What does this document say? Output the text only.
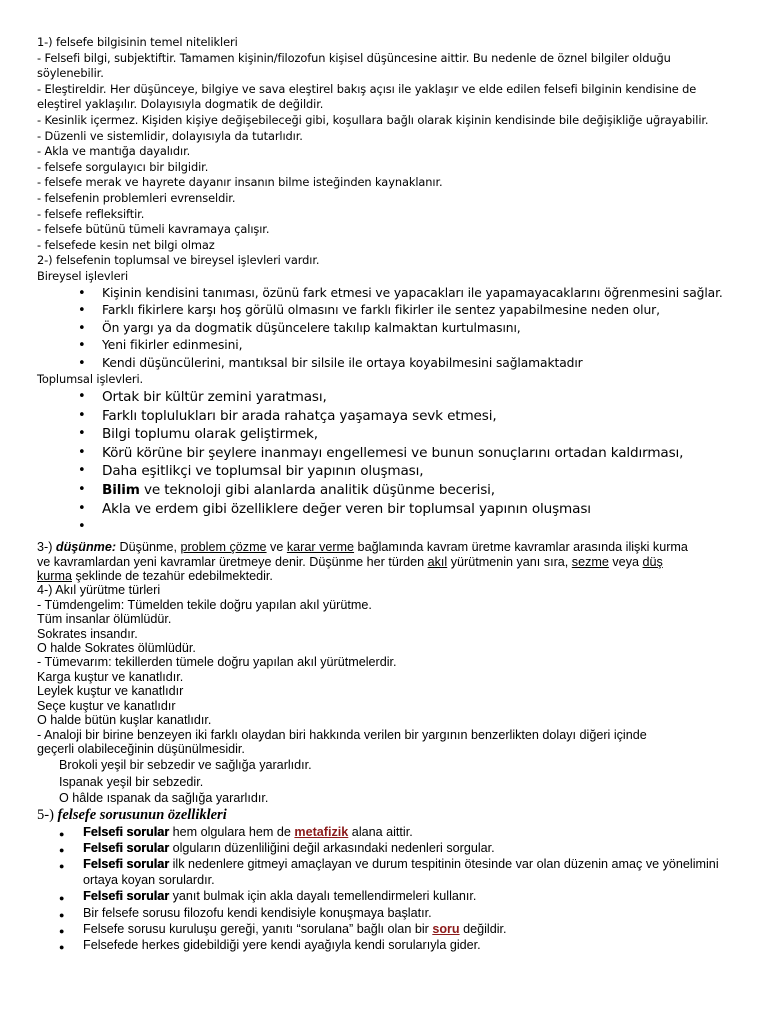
1-) felsefe bilgisinin temel nitelikleri
- Felsefi bilgi, subjektiftir. Tamamen kişinin/filozofun kişisel düşüncesine aittir. Bu nedenle de öznel bilgiler olduğu
söylenebilir.
- Eleştireldir. Her düşünceye, bilgiye ve sava eleştirel bakış açısı ile yaklaşır ve elde edilen felsefi bilginin kendisine de
eleştirel yaklaşılır. Dolayısıyla dogmatik de değildir.
- Kesinlik içermez. Kişiden kişiye değişebileceği gibi, koşullara bağlı olarak kişinin kendisinde bile değişikliğe uğrayabilir.
- Düzenli ve sistemlidir, dolayısıyla da tutarlıdır.
- Akla ve mantığa dayalıdır.
- felsefe sorgulayıcı bir bilgidir.
- felsefe merak ve hayrete dayanır insanın bilme isteğinden kaynaklanır.
- felsefenin problemleri evrenseldir.
- felsefe refleksiftir.
- felsefe bütünü tümeli kavramaya çalışır.
- felsefede kesin net bilgi olmaz
2-) felsefenin toplumsal ve bireysel işlevleri vardır.
Bireysel işlevleri
• Kişinin kendisini tanıması, özünü fark etmesi ve yapacakları ile yapamayacaklarını öğrenmesini sağlar.
• Farklı fikirlere karşı hoş görülü olmasını ve farklı fikirler ile sentez yapabilmesine neden olur,
• Ön yargı ya da dogmatik düşüncelere takılıp kalmaktan kurtulmasını,
• Yeni fikirler edinmesini,
• Kendi düşüncülerini, mantıksal bir silsile ile ortaya koyabilmesini sağlamaktadır
Toplumsal işlevleri.
• Ortak bir kültür zemini yaratması,
• Farklı toplulukları bir arada rahatça yaşamaya sevk etmesi,
• Bilgi toplumu olarak geliştirmek,
• Körü körüne bir şeylere inanmayı engellemesi ve bunun sonuçlarını ortadan kaldırması,
• Daha eşitlikçi ve toplumsal bir yapının oluşması,
• Bilim ve teknoloji gibi alanlarda analitik düşünme becerisi,
• Akla ve erdem gibi özelliklere değer veren bir toplumsal yapının oluşması
•
3-) düşünme: Düşünme, problem çözme ve karar verme bağlamında kavram üretme kavramlar arasında ilişki kurma
ve kavramlardan yeni kavramlar üretmeye denir. Düşünme her türden akıl yürütmenin yanı sıra, sezme veya düş
kurma şeklinde de tezahür edebilmektedir.
4-) Akıl yürütme türleri
- Tümdengelim: Tümelden tekile doğru yapılan akıl yürütme.
Tüm insanlar ölümlüdür.
Sokrates insandır.
O halde Sokrates ölümlüdür.
- Tümevarım: tekillerden tümele doğru yapılan akıl yürütmelerdir.
Karga kuştur ve kanatlıdır.
Leylek kuştur ve kanatlıdır
Seçe kuştur ve kanatlıdır
O halde bütün kuşlar kanatlıdır.
- Analoji bir birine benzeyen iki farklı olaydan biri hakkında verilen bir yargının benzerlikten dolayı diğeri içinde
geçerli olabileceğinin düşünülmesidir.
Brokoli yeşil bir sebzedir ve sağlığa yararlıdır.
Ispanak yeşil bir sebzedir.
O hâlde ıspanak da sağlığa yararlıdır.
5-) felsefe sorusunun özellikleri
● Felsefi sorular hem olgulara hem de metafizik alana aittir.
● Felsefi sorular olguların düzenliliğini değil arkasındaki nedenleri sorgular.
● Felsefi sorular ilk nedenlere gitmeyi amaçlayan ve durum tespitinin ötesinde var olan düzenin amaç ve yönelimini ortaya koyan sorulardır.
● Felsefi sorular yanıt bulmak için akla dayalı temellendirmeleri kullanır.
● Bir felsefe sorusu filozofu kendi kendisiyle konuşmaya başlatır.
● Felsefe sorusu kuruluşu gereği, yanıtı “sorulana” bağlı olan bir soru değildir.
● Felsefede herkes gidebildiği yere kendi ayağıyla kendi sorularıyla gider.
